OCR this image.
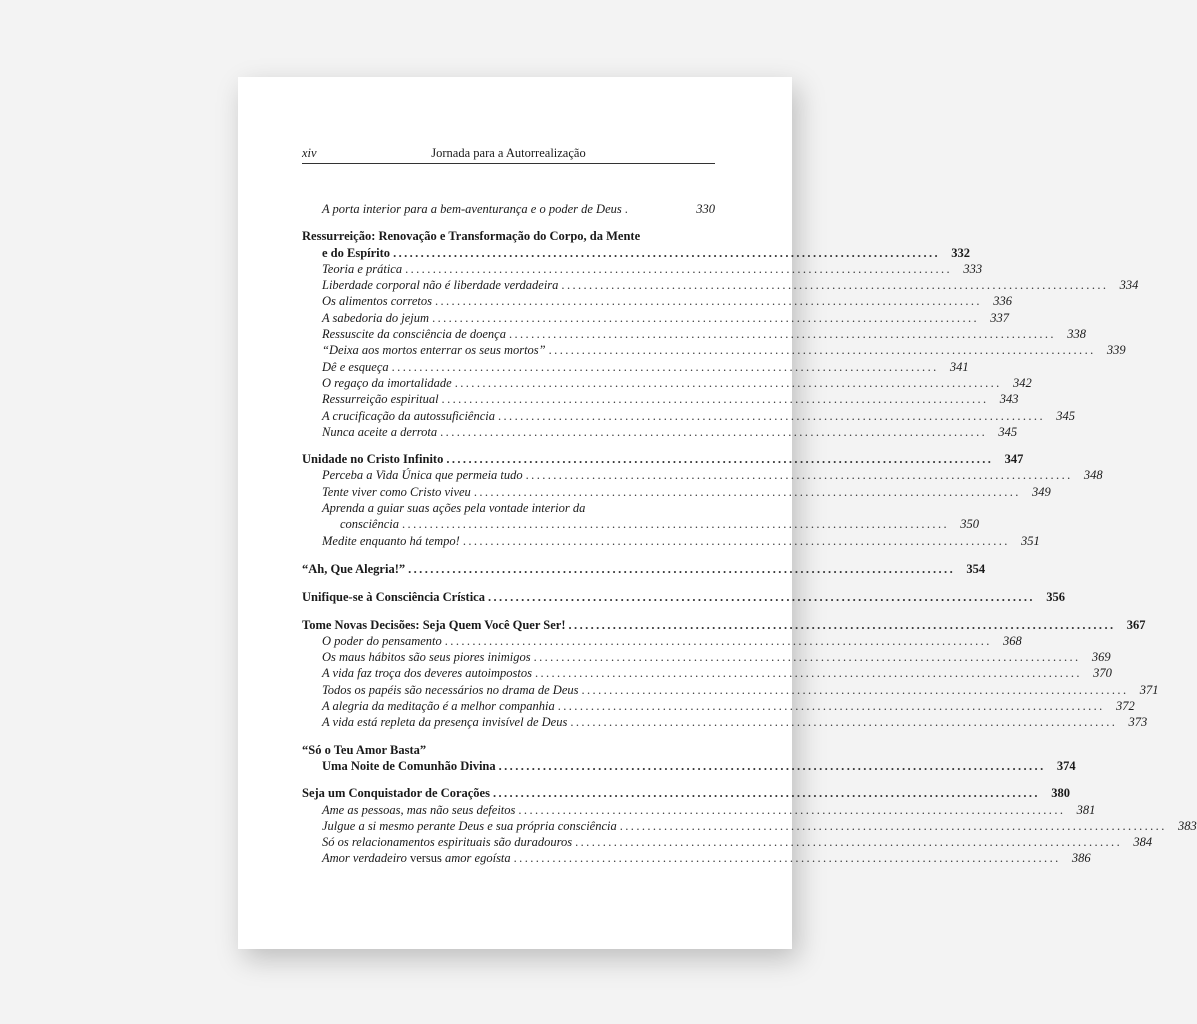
xiv	Jornada para a Autorrealização
A porta interior para a bem-aventurança e o poder de Deus .	330
Ressurreição: Renovação e Transformação do Corpo, da Mente
e do Espírito ................................................................................................... 332
Teoria e prática ................................................................................................... 333
Liberdade corporal não é liberdade verdadeira ................................................................................................... 334
Os alimentos corretos ................................................................................................... 336
A sabedoria do jejum ................................................................................................... 337
Ressuscite da consciência de doença ................................................................................................... 338
“Deixa aos mortos enterrar os seus mortos” ................................................................................................... 339
Dê e esqueça ................................................................................................... 341
O regaço da imortalidade ................................................................................................... 342
Ressurreição espiritual ................................................................................................... 343
A crucificação da autossuficiência ................................................................................................... 345
Nunca aceite a derrota ................................................................................................... 345
Unidade no Cristo Infinito ................................................................................................... 347
Perceba a Vida Única que permeia tudo ................................................................................................... 348
Tente viver como Cristo viveu ................................................................................................... 349
Aprenda a guiar suas ações pela vontade interior da
consciência ................................................................................................... 350
Medite enquanto há tempo! ................................................................................................... 351
“Ah, Que Alegria!” ................................................................................................... 354
Unifique-se à Consciência Crística ................................................................................................... 356
Tome Novas Decisões: Seja Quem Você Quer Ser! ................................................................................................... 367
O poder do pensamento ................................................................................................... 368
Os maus hábitos são seus piores inimigos ................................................................................................... 369
A vida faz troça dos deveres autoimpostos ................................................................................................... 370
Todos os papéis são necessários no drama de Deus ................................................................................................... 371
A alegria da meditação é a melhor companhia ................................................................................................... 372
A vida está repleta da presença invisível de Deus ................................................................................................... 373
“Só o Teu Amor Basta”
Uma Noite de Comunhão Divina ................................................................................................... 374
Seja um Conquistador de Corações ................................................................................................... 380
Ame as pessoas, mas não seus defeitos ................................................................................................... 381
Julgue a si mesmo perante Deus e sua própria consciência ................................................................................................... 383
Só os relacionamentos espirituais são duradouros ................................................................................................... 384
Amor verdadeiro versus amor egoísta ................................................................................................... 386
